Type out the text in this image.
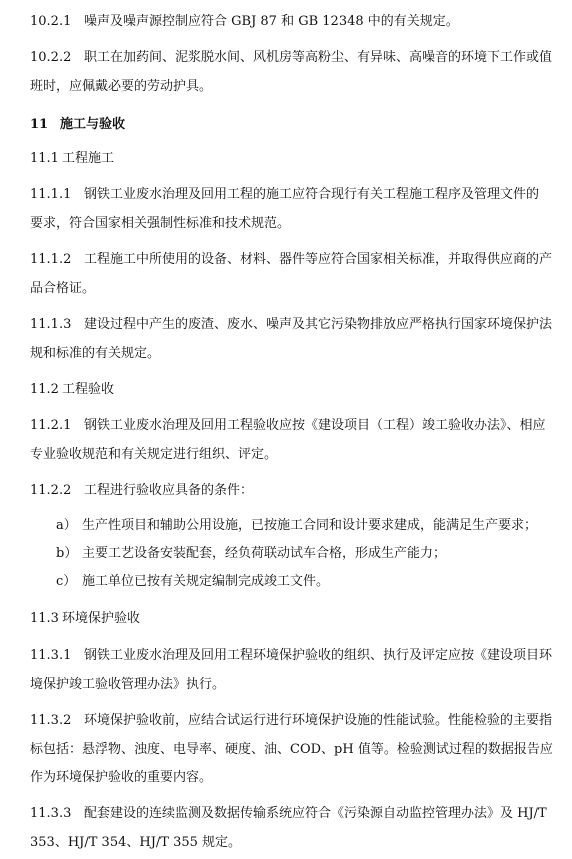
10.2.1 噪声及噪声源控制应符合 GBJ 87 和 GB 12348 中的有关规定。
10.2.2 职工在加药间、泥浆脱水间、风机房等高粉尘、有异味、高噪音的环境下工作或值
班时，应佩戴必要的劳动护具。
11 施工与验收
11.1 工程施工
11.1.1 钢铁工业废水治理及回用工程的施工应符合现行有关工程施工程序及管理文件的
要求，符合国家相关强制性标准和技术规范。
11.1.2 工程施工中所使用的设备、材料、器件等应符合国家相关标准，并取得供应商的产
品合格证。
11.1.3 建设过程中产生的废渣、废水、噪声及其它污染物排放应严格执行国家环境保护法
规和标准的有关规定。
11.2 工程验收
11.2.1 钢铁工业废水治理及回用工程验收应按《建设项目（工程）竣工验收办法》、相应
专业验收规范和有关规定进行组织、评定。
11.2.2 工程进行验收应具备的条件：
a） 生产性项目和辅助公用设施，已按施工合同和设计要求建成，能满足生产要求；
b） 主要工艺设备安装配套，经负荷联动试车合格，形成生产能力；
c） 施工单位已按有关规定编制完成竣工文件。
11.3 环境保护验收
11.3.1 钢铁工业废水治理及回用工程环境保护验收的组织、执行及评定应按《建设项目环
境保护竣工验收管理办法》执行。
11.3.2 环境保护验收前，应结合试运行进行环境保护设施的性能试验。性能检验的主要指
标包括：悬浮物、浊度、电导率、硬度、油、COD、pH 值等。检验测试过程的数据报告应
作为环境保护验收的重要内容。
11.3.3 配套建设的连续监测及数据传输系统应符合《污染源自动监控管理办法》及 HJ/T
353、HJ/T 354、HJ/T 355 规定。
